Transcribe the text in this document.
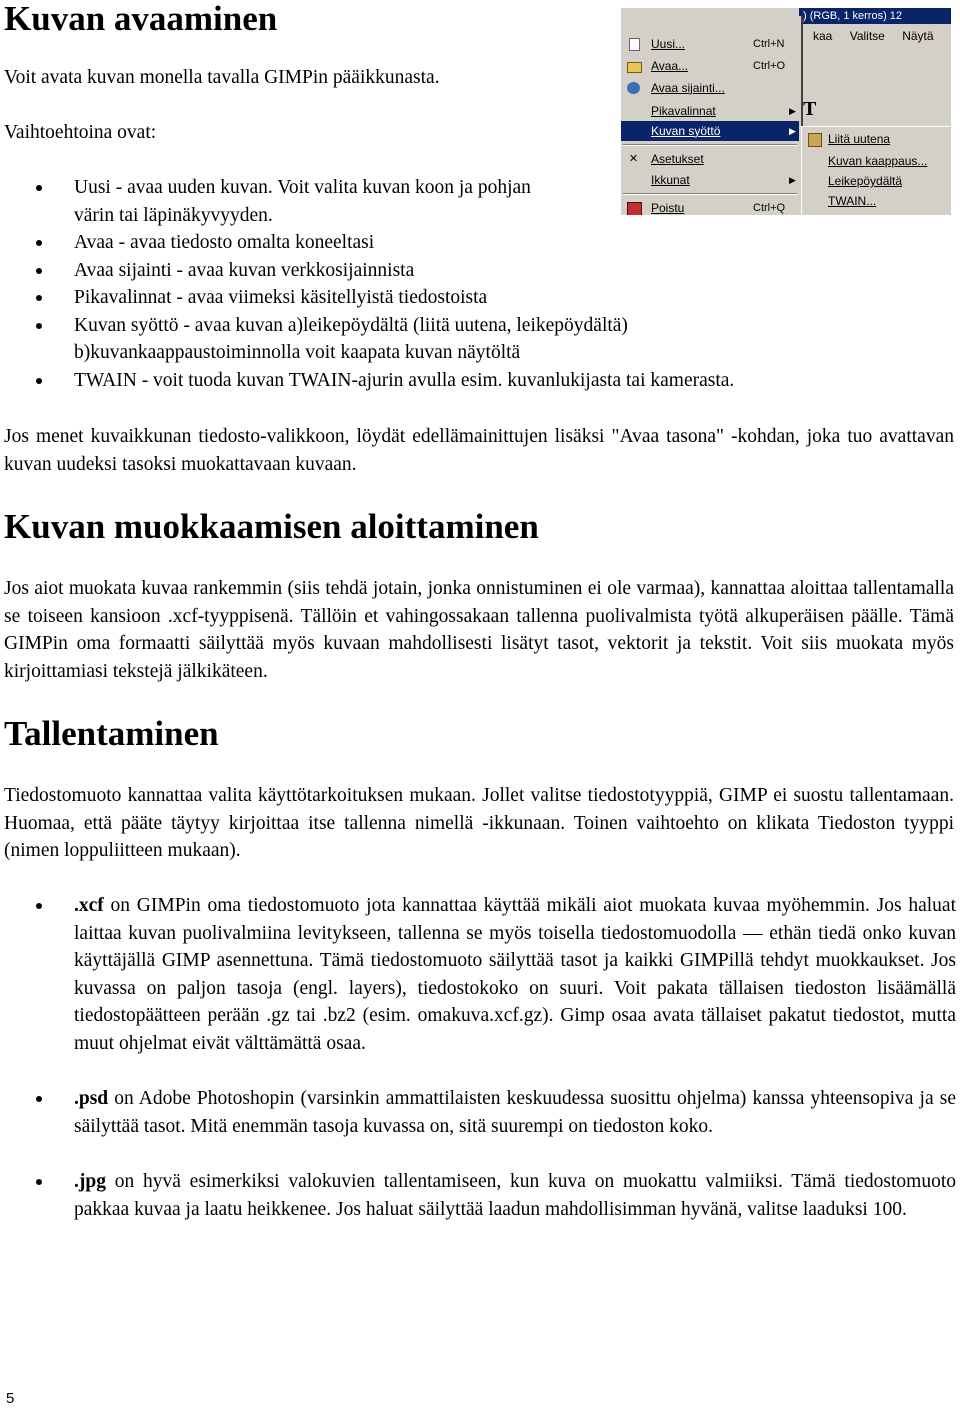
Kuvan avaaminen

Voit avata kuvan monella tavalla GIMPin pääikkunasta.

Vaihtoehtoina ovat:

Uusi - avaa uuden kuvan. Voit valita kuvan koon ja pohjan värin tai läpinäkyvyyden.
Avaa - avaa tiedosto omalta koneeltasi
Avaa sijainti - avaa kuvan verkkosijainnista
Pikavalinnat - avaa viimeksi käsitellyistä tiedostoista
Kuvan syöttö - avaa kuvan a)leikepöydältä (liitä uutena, leikepöydältä) b)kuvankaappaustoiminnolla voit kaapata kuvan näytöltä
TWAIN - voit tuoda kuvan TWAIN-ajurin avulla esim. kuvanlukijasta tai kamerasta.

Jos menet kuvaikkunan tiedosto-valikkoon, löydät edellämainittujen lisäksi "Avaa tasona" -kohdan, joka tuo avattavan kuvan uudeksi tasoksi muokattavaan kuvaan.

Kuvan muokkaamisen aloittaminen

Jos aiot muokata kuvaa rankemmin (siis tehdä jotain, jonka onnistuminen ei ole varmaa), kannattaa aloittaa tallentamalla se toiseen kansioon .xcf-tyyppisenä. Tällöin et vahingossakaan tallenna puolivalmista työtä alkuperäisen päälle. Tämä GIMPin oma formaatti säilyttää myös kuvaan mahdollisesti lisätyt tasot, vektorit ja tekstit. Voit siis muokata myös kirjoittamiasi tekstejä jälkikäteen.

Tallentaminen

Tiedostomuoto kannattaa valita käyttötarkoituksen mukaan. Jollet valitse tiedostotyyppiä, GIMP ei suostu tallentamaan. Huomaa, että pääte täytyy kirjoittaa itse tallenna nimellä -ikkunaan. Toinen vaihtoehto on klikata Tiedoston tyyppi (nimen loppuliitteen mukaan).

.xcf on GIMPin oma tiedostomuoto jota kannattaa käyttää mikäli aiot muokata kuvaa myöhemmin. Jos haluat laittaa kuvan puolivalmiina levitykseen, tallenna se myös toisella tiedostomuodolla — ethän tiedä onko kuvan käyttäjällä GIMP asennettuna. Tämä tiedostomuoto säilyttää tasot ja kaikki GIMPillä tehdyt muokkaukset. Jos kuvassa on paljon tasoja (engl. layers), tiedostokoko on suuri. Voit pakata tällaisen tiedoston lisäämällä tiedostopäätteen perään .gz tai .bz2 (esim. omakuva.xcf.gz). Gimp osaa avata tällaiset pakatut tiedostot, mutta muut ohjelmat eivät välttämättä osaa.
.psd on Adobe Photoshopin (varsinkin ammattilaisten keskuudessa suosittu ohjelma) kanssa yhteensopiva ja se säilyttää tasot. Mitä enemmän tasoja kuvassa on, sitä suurempi on tiedoston koko.
.jpg on hyvä esimerkiksi valokuvien tallentamiseen, kun kuva on muokattu valmiiksi. Tämä tiedostomuoto pakkaa kuvaa ja laatu heikkenee. Jos haluat säilyttää laadun mahdollisimman hyvänä, valitse laaduksi 100.
) (RGB, 1 kerros) 12
kaa Valitse Näytä
T
Uusi...	Ctrl+N
Avaa...	Ctrl+O
Avaa sijainti...
Pikavalinnat	▶
Kuvan syöttö	▶
✕ Asetukset
Ikkunat	▶
Poistu	Ctrl+Q
Liitä uutena
Kuvan kaappaus...
Leikepöydältä
TWAIN...
5
